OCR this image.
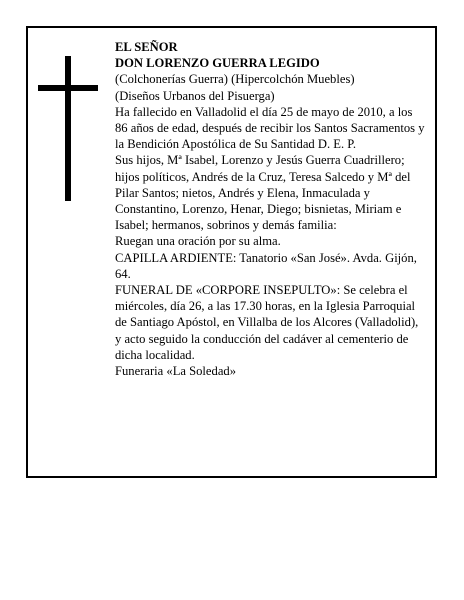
EL SEÑOR

DON LORENZO GUERRA LEGIDO

(Colchonerías Guerra) (Hipercolchón Muebles)

(Diseños Urbanos del Pisuerga)

Ha fallecido en Valladolid el día 25 de mayo de 2010, a los 86 años de edad, después de recibir los Santos Sacramentos y la Bendición Apostólica de Su Santidad D. E. P.

Sus hijos, Mª Isabel, Lorenzo y Jesús Guerra Cuadrillero; hijos políticos, Andrés de la Cruz, Teresa Salcedo y Mª del Pilar Santos; nietos, Andrés y Elena, Inmaculada y Constantino, Lorenzo, Henar, Diego; bisnietas, Miriam e Isabel; hermanos, sobrinos y demás familia:

Ruegan una oración por su alma.

CAPILLA ARDIENTE: Tanatorio «San José». Avda. Gijón, 64.

FUNERAL DE «CORPORE INSEPULTO»: Se celebra el miércoles, día 26, a las 17.30 horas, en la Iglesia Parroquial de Santiago Apóstol, en Villalba de los Alcores (Valladolid), y acto seguido la conducción del cadáver al cementerio de dicha localidad.

Funeraria «La Soledad»
